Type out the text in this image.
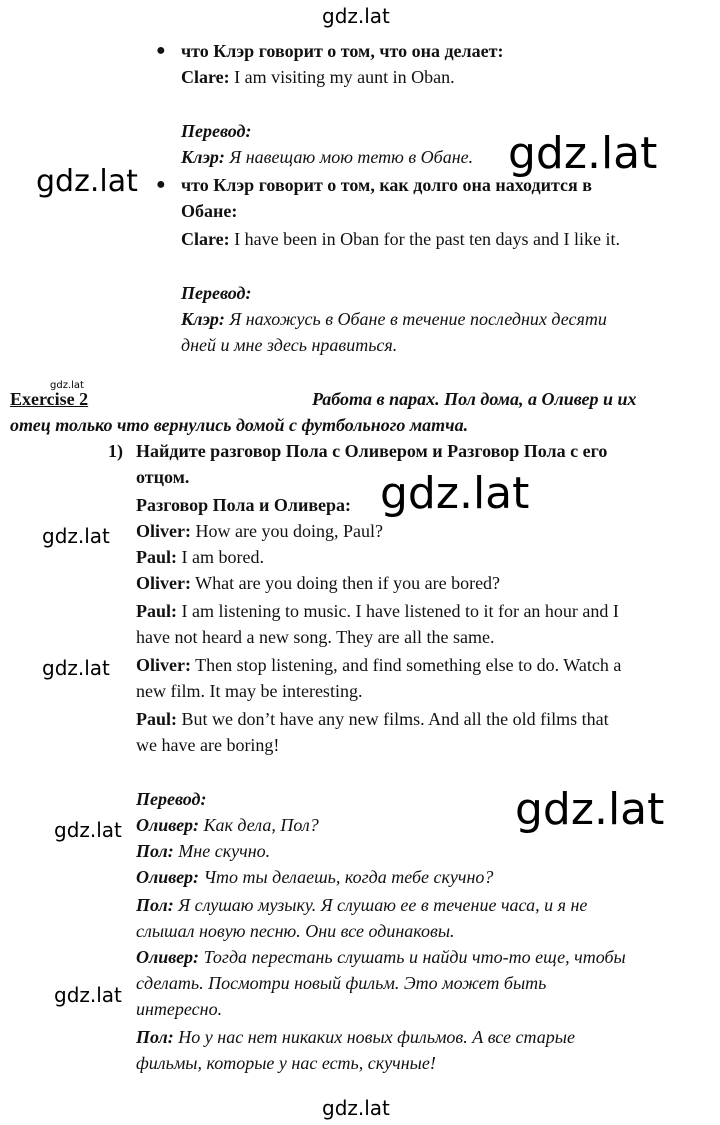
gdz.lat
gdz.lat
gdz.lat
gdz.lat
gdz.lat
gdz.lat
gdz.lat
gdz.lat
gdz.lat
gdz.lat
gdz.lat
● что Клэр говорит о том, что она делает:
Clare: I am visiting my aunt in Oban.
Перевод:
Клэр: Я навещаю мою тетю в Обане.
● что Клэр говорит о том, как долго она находится в
Обане:
Clare: I have been in Oban for the past ten days and I like it.
Перевод:
Клэр: Я нахожусь в Обане в течение последних десяти
дней и мне здесь нравиться.
Exercise 2	Работа в парах. Пол дома, а Оливер и их
отец только что вернулись домой с футбольного матча.
1) Найдите разговор Пола с Оливером и Разговор Пола с его
отцом.
Разговор Пола и Оливера:
Oliver: How are you doing, Paul?
Paul: I am bored.
Oliver: What are you doing then if you are bored?
Paul: I am listening to music. I have listened to it for an hour and I
have not heard a new song. They are all the same.
Oliver: Then stop listening, and find something else to do. Watch a
new film. It may be interesting.
Paul: But we don’t have any new films. And all the old films that
we have are boring!
Перевод:
Оливер: Как дела, Пол?
Пол: Мне скучно.
Оливер: Что ты делаешь, когда тебе скучно?
Пол: Я слушаю музыку. Я слушаю ее в течение часа, и я не
слышал новую песню. Они все одинаковы.
Оливер: Тогда перестань слушать и найди что-то еще, чтобы
сделать. Посмотри новый фильм. Это может быть
интересно.
Пол: Но у нас нет никаких новых фильмов. А все старые
фильмы, которые у нас есть, скучные!
